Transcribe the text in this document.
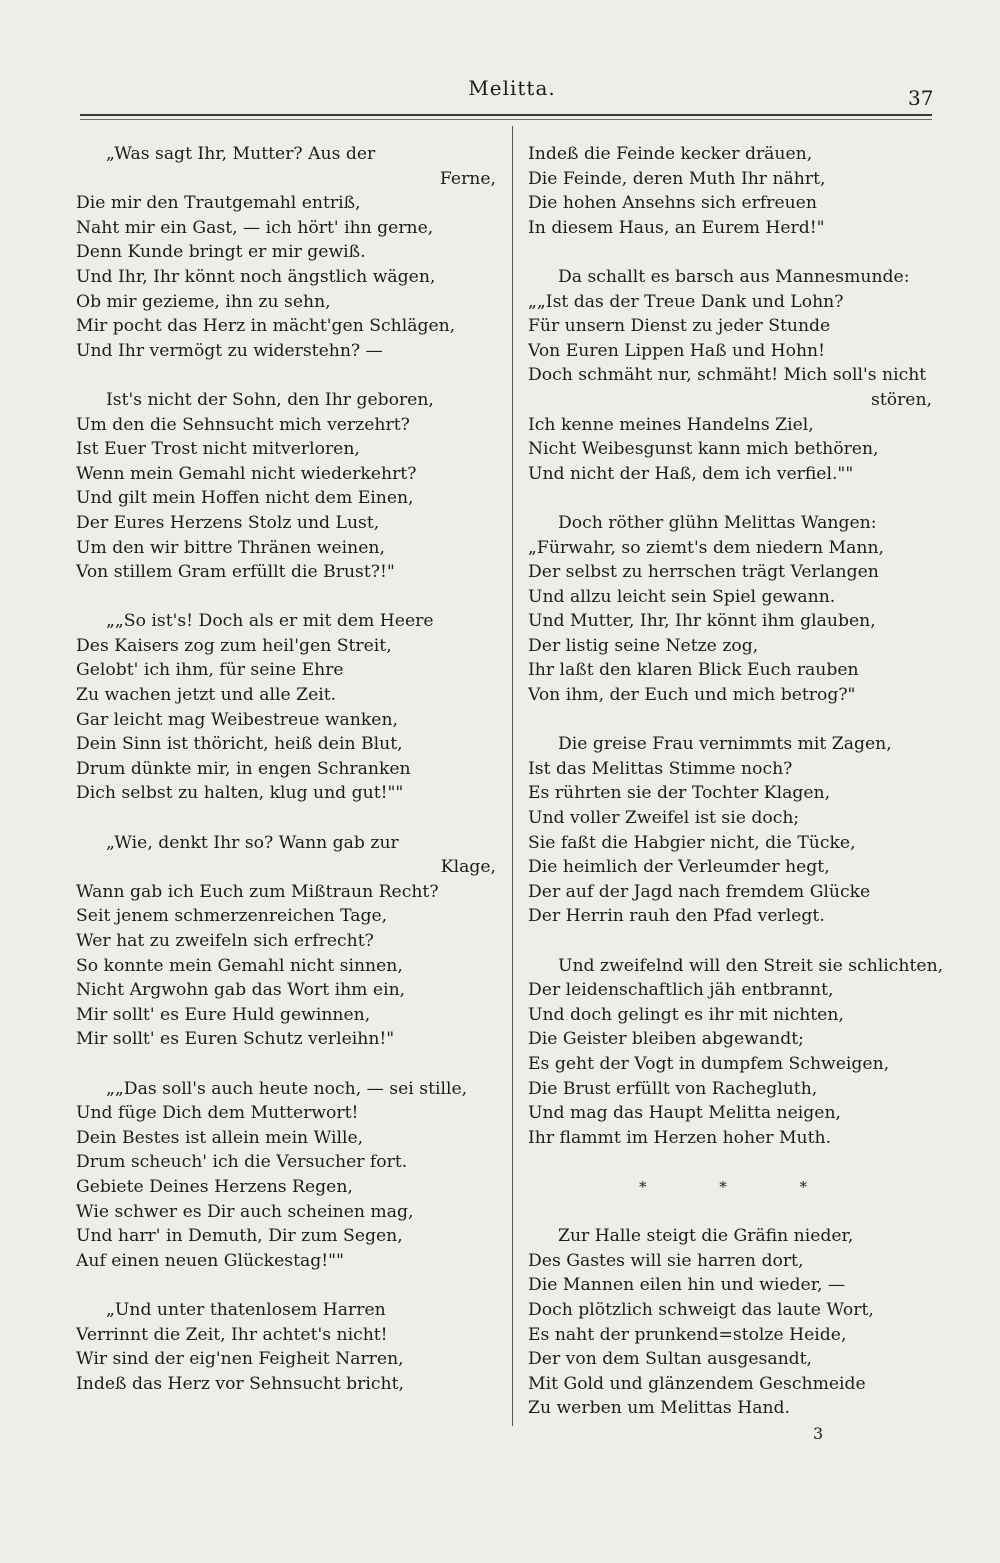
Melitta.	37
„Was sagt Ihr, Mutter? Aus der
Ferne,
Die mir den Trautgemahl entriß,
Naht mir ein Gast, — ich hört' ihn gerne,
Denn Kunde bringt er mir gewiß.
Und Ihr, Ihr könnt noch ängstlich wägen,
Ob mir gezieme, ihn zu sehn,
Mir pocht das Herz in mächt'gen Schlägen,
Und Ihr vermögt zu widerstehn? —
Ist's nicht der Sohn, den Ihr geboren,
Um den die Sehnsucht mich verzehrt?
Ist Euer Trost nicht mitverloren,
Wenn mein Gemahl nicht wiederkehrt?
Und gilt mein Hoffen nicht dem Einen,
Der Eures Herzens Stolz und Lust,
Um den wir bittre Thränen weinen,
Von stillem Gram erfüllt die Brust?!"
„„So ist's! Doch als er mit dem Heere
Des Kaisers zog zum heil'gen Streit,
Gelobt' ich ihm, für seine Ehre
Zu wachen jetzt und alle Zeit.
Gar leicht mag Weibestreue wanken,
Dein Sinn ist thöricht, heiß dein Blut,
Drum dünkte mir, in engen Schranken
Dich selbst zu halten, klug und gut!""
„Wie, denkt Ihr so? Wann gab zur
Klage,
Wann gab ich Euch zum Mißtraun Recht?
Seit jenem schmerzenreichen Tage,
Wer hat zu zweifeln sich erfrecht?
So konnte mein Gemahl nicht sinnen,
Nicht Argwohn gab das Wort ihm ein,
Mir sollt' es Eure Huld gewinnen,
Mir sollt' es Euren Schutz verleihn!"
„„Das soll's auch heute noch, — sei stille,
Und füge Dich dem Mutterwort!
Dein Bestes ist allein mein Wille,
Drum scheuch' ich die Versucher fort.
Gebiete Deines Herzens Regen,
Wie schwer es Dir auch scheinen mag,
Und harr' in Demuth, Dir zum Segen,
Auf einen neuen Glückestag!""
„Und unter thatenlosem Harren
Verrinnt die Zeit, Ihr achtet's nicht!
Wir sind der eig'nen Feigheit Narren,
Indeß das Herz vor Sehnsucht bricht,
Indeß die Feinde kecker dräuen,
Die Feinde, deren Muth Ihr nährt,
Die hohen Ansehns sich erfreuen
In diesem Haus, an Eurem Herd!"
Da schallt es barsch aus Mannesmunde:
„„Ist das der Treue Dank und Lohn?
Für unsern Dienst zu jeder Stunde
Von Euren Lippen Haß und Hohn!
Doch schmäht nur, schmäht! Mich soll's nicht
stören,
Ich kenne meines Handelns Ziel,
Nicht Weibesgunst kann mich bethören,
Und nicht der Haß, dem ich verfiel.""
Doch röther glühn Melittas Wangen:
„Fürwahr, so ziemt's dem niedern Mann,
Der selbst zu herrschen trägt Verlangen
Und allzu leicht sein Spiel gewann.
Und Mutter, Ihr, Ihr könnt ihm glauben,
Der listig seine Netze zog,
Ihr laßt den klaren Blick Euch rauben
Von ihm, der Euch und mich betrog?"
Die greise Frau vernimmts mit Zagen,
Ist das Melittas Stimme noch?
Es rührten sie der Tochter Klagen,
Und voller Zweifel ist sie doch;
Sie faßt die Habgier nicht, die Tücke,
Die heimlich der Verleumder hegt,
Der auf der Jagd nach fremdem Glücke
Der Herrin rauh den Pfad verlegt.
Und zweifelnd will den Streit sie schlichten,
Der leidenschaftlich jäh entbrannt,
Und doch gelingt es ihr mit nichten,
Die Geister bleiben abgewandt;
Es geht der Vogt in dumpfem Schweigen,
Die Brust erfüllt von Rachegluth,
Und mag das Haupt Melitta neigen,
Ihr flammt im Herzen hoher Muth.
* * *
Zur Halle steigt die Gräfin nieder,
Des Gastes will sie harren dort,
Die Mannen eilen hin und wieder, —
Doch plötzlich schweigt das laute Wort,
Es naht der prunkend=stolze Heide,
Der von dem Sultan ausgesandt,
Mit Gold und glänzendem Geschmeide
Zu werben um Melittas Hand.
3
